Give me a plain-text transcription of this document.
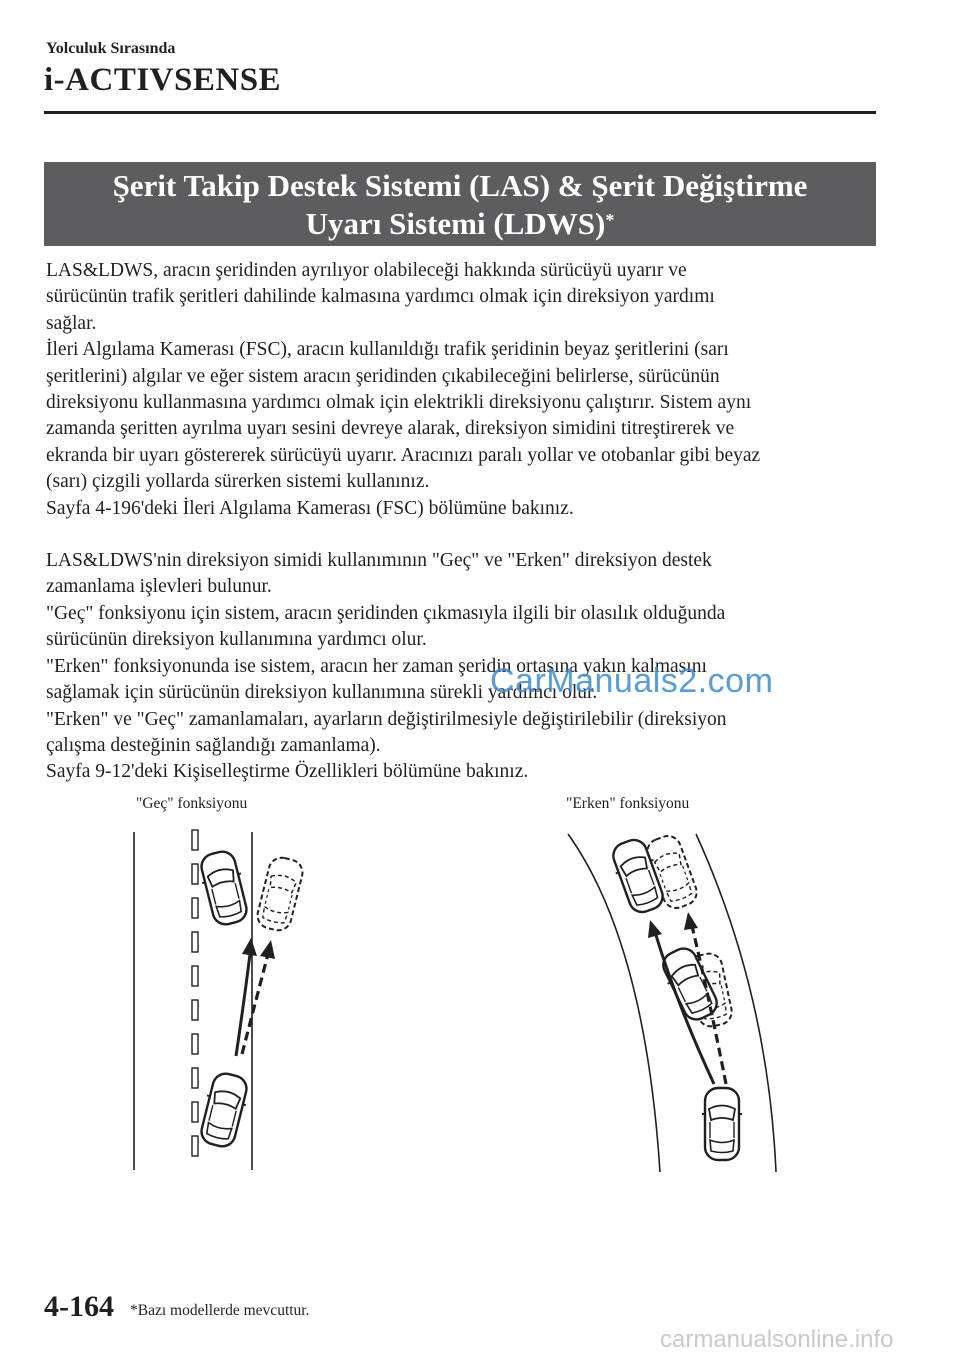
Yolculuk Sırasında
i-ACTIVSENSE
Şerit Takip Destek Sistemi (LAS) & Şerit Değiştirme
Uyarı Sistemi (LDWS)*

LAS&LDWS, aracın şeridinden ayrılıyor olabileceği hakkında sürücüyü uyarır ve

sürücünün trafik şeritleri dahilinde kalmasına yardımcı olmak için direksiyon yardımı

sağlar.

İleri Algılama Kamerası (FSC), aracın kullanıldığı trafik şeridinin beyaz şeritlerini (sarı

şeritlerini) algılar ve eğer sistem aracın şeridinden çıkabileceğini belirlerse, sürücünün

direksiyonu kullanmasına yardımcı olmak için elektrikli direksiyonu çalıştırır. Sistem aynı

zamanda şeritten ayrılma uyarı sesini devreye alarak, direksiyon simidini titreştirerek ve

ekranda bir uyarı göstererek sürücüyü uyarır. Aracınızı paralı yollar ve otobanlar gibi beyaz

(sarı) çizgili yollarda sürerken sistemi kullanınız.

Sayfa 4-196'deki İleri Algılama Kamerası (FSC) bölümüne bakınız.

LAS&LDWS'nin direksiyon simidi kullanımının "Geç" ve "Erken" direksiyon destek

zamanlama işlevleri bulunur.

"Geç" fonksiyonu için sistem, aracın şeridinden çıkmasıyla ilgili bir olasılık olduğunda

sürücünün direksiyon kullanımına yardımcı olur.

"Erken" fonksiyonunda ise sistem, aracın her zaman şeridin ortasına yakın kalmasını

sağlamak için sürücünün direksiyon kullanımına sürekli yardımcı olur.

"Erken" ve "Geç" zamanlamaları, ayarların değiştirilmesiyle değiştirilebilir (direksiyon

çalışma desteğinin sağlandığı zamanlama).

Sayfa 9-12'deki Kişiselleştirme Özellikleri bölümüne bakınız.

"Geç" fonksiyonu	"Erken" fonksiyonu
CarManuals2.com
4-164 *Bazı modellerde mevcuttur.
carmanualsonline.info
